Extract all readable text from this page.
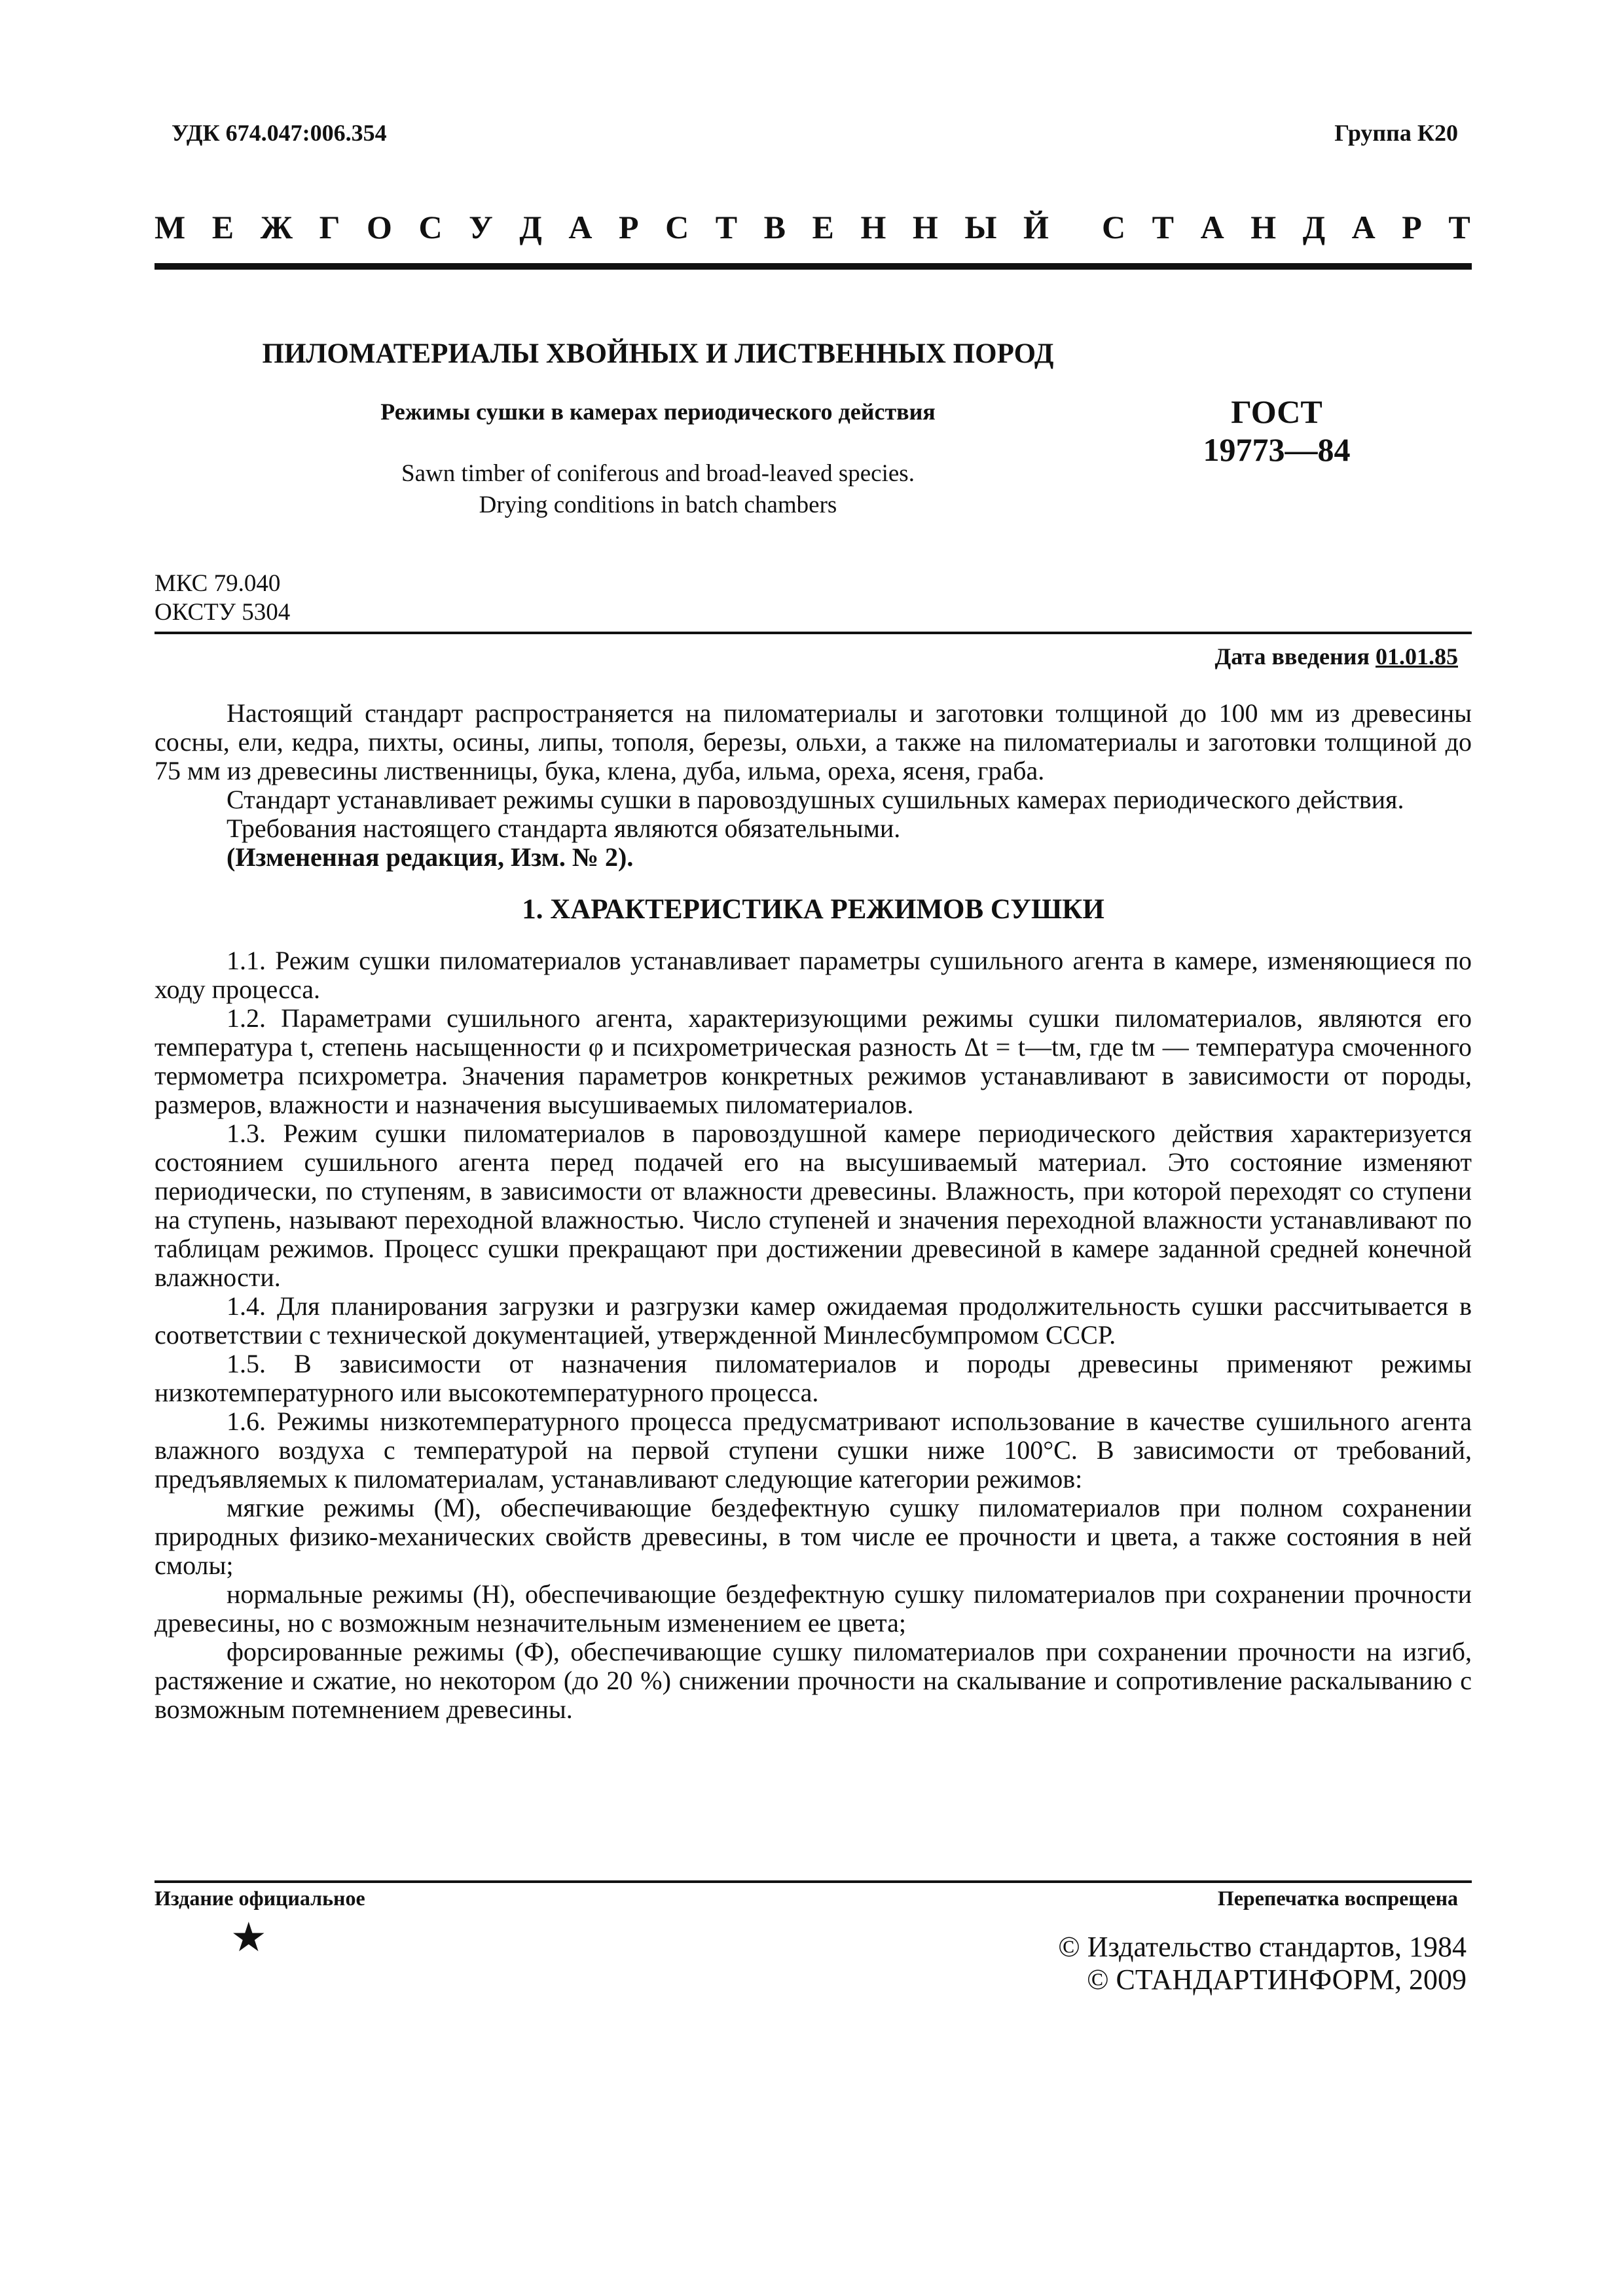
УДК 674.047:006.354	Группа К20
М Е Ж Г О С У Д А Р С Т В Е Н Н Ы Й С Т А Н Д А Р Т
ПИЛОМАТЕРИАЛЫ ХВОЙНЫХ И ЛИСТВЕННЫХ ПОРОД
Режимы сушки в камерах периодического действия
Sawn timber of coniferous and broad-leaved species.
Drying conditions in batch chambers
ГОСТ
19773—84
МКС 79.040
ОКСТУ 5304
Дата введения 01.01.85

Настоящий стандарт распространяется на пиломатериалы и заготовки толщиной до 100 мм из древесины сосны, ели, кедра, пихты, осины, липы, тополя, березы, ольхи, а также на пиломатериалы и заготовки толщиной до 75 мм из древесины лиственницы, бука, клена, дуба, ильма, ореха, ясеня, граба.

Стандарт устанавливает режимы сушки в паровоздушных сушильных камерах периодического действия.

Требования настоящего стандарта являются обязательными.

(Измененная редакция, Изм. № 2).

1. ХАРАКТЕРИСТИКА РЕЖИМОВ СУШКИ

1.1. Режим сушки пиломатериалов устанавливает параметры сушильного агента в камере, изменяющиеся по ходу процесса.

1.2. Параметрами сушильного агента, характеризующими режимы сушки пиломатериалов, являются его температура t, степень насыщенности φ и психрометрическая разность Δt = t—tм, где tм — температура смоченного термометра психрометра. Значения параметров конкретных режимов устанавливают в зависимости от породы, размеров, влажности и назначения высушиваемых пиломатериалов.

1.3. Режим сушки пиломатериалов в паровоздушной камере периодического действия характеризуется состоянием сушильного агента перед подачей его на высушиваемый материал. Это состояние изменяют периодически, по ступеням, в зависимости от влажности древесины. Влажность, при которой переходят со ступени на ступень, называют переходной влажностью. Число ступеней и значения переходной влажности устанавливают по таблицам режимов. Процесс сушки прекращают при достижении древесиной в камере заданной средней конечной влажности.

1.4. Для планирования загрузки и разгрузки камер ожидаемая продолжительность сушки рассчитывается в соответствии с технической документацией, утвержденной Минлесбумпромом СССР.

1.5. В зависимости от назначения пиломатериалов и породы древесины применяют режимы низкотемпературного или высокотемпературного процесса.

1.6. Режимы низкотемпературного процесса предусматривают использование в качестве сушильного агента влажного воздуха с температурой на первой ступени сушки ниже 100°С. В зависимости от требований, предъявляемых к пиломатериалам, устанавливают следующие категории режимов:

мягкие режимы (М), обеспечивающие бездефектную сушку пиломатериалов при полном сохранении природных физико-механических свойств древесины, в том числе ее прочности и цвета, а также состояния в ней смолы;

нормальные режимы (Н), обеспечивающие бездефектную сушку пиломатериалов при сохранении прочности древесины, но с возможным незначительным изменением ее цвета;

форсированные режимы (Ф), обеспечивающие сушку пиломатериалов при сохранении прочности на изгиб, растяжение и сжатие, но некотором (до 20 %) снижении прочности на скалывание и сопротивление раскалыванию с возможным потемнением древесины.

Издание официальное	Перепечатка воспрещена
★	© Издательство стандартов, 1984
© СТАНДАРТИНФОРМ, 2009
